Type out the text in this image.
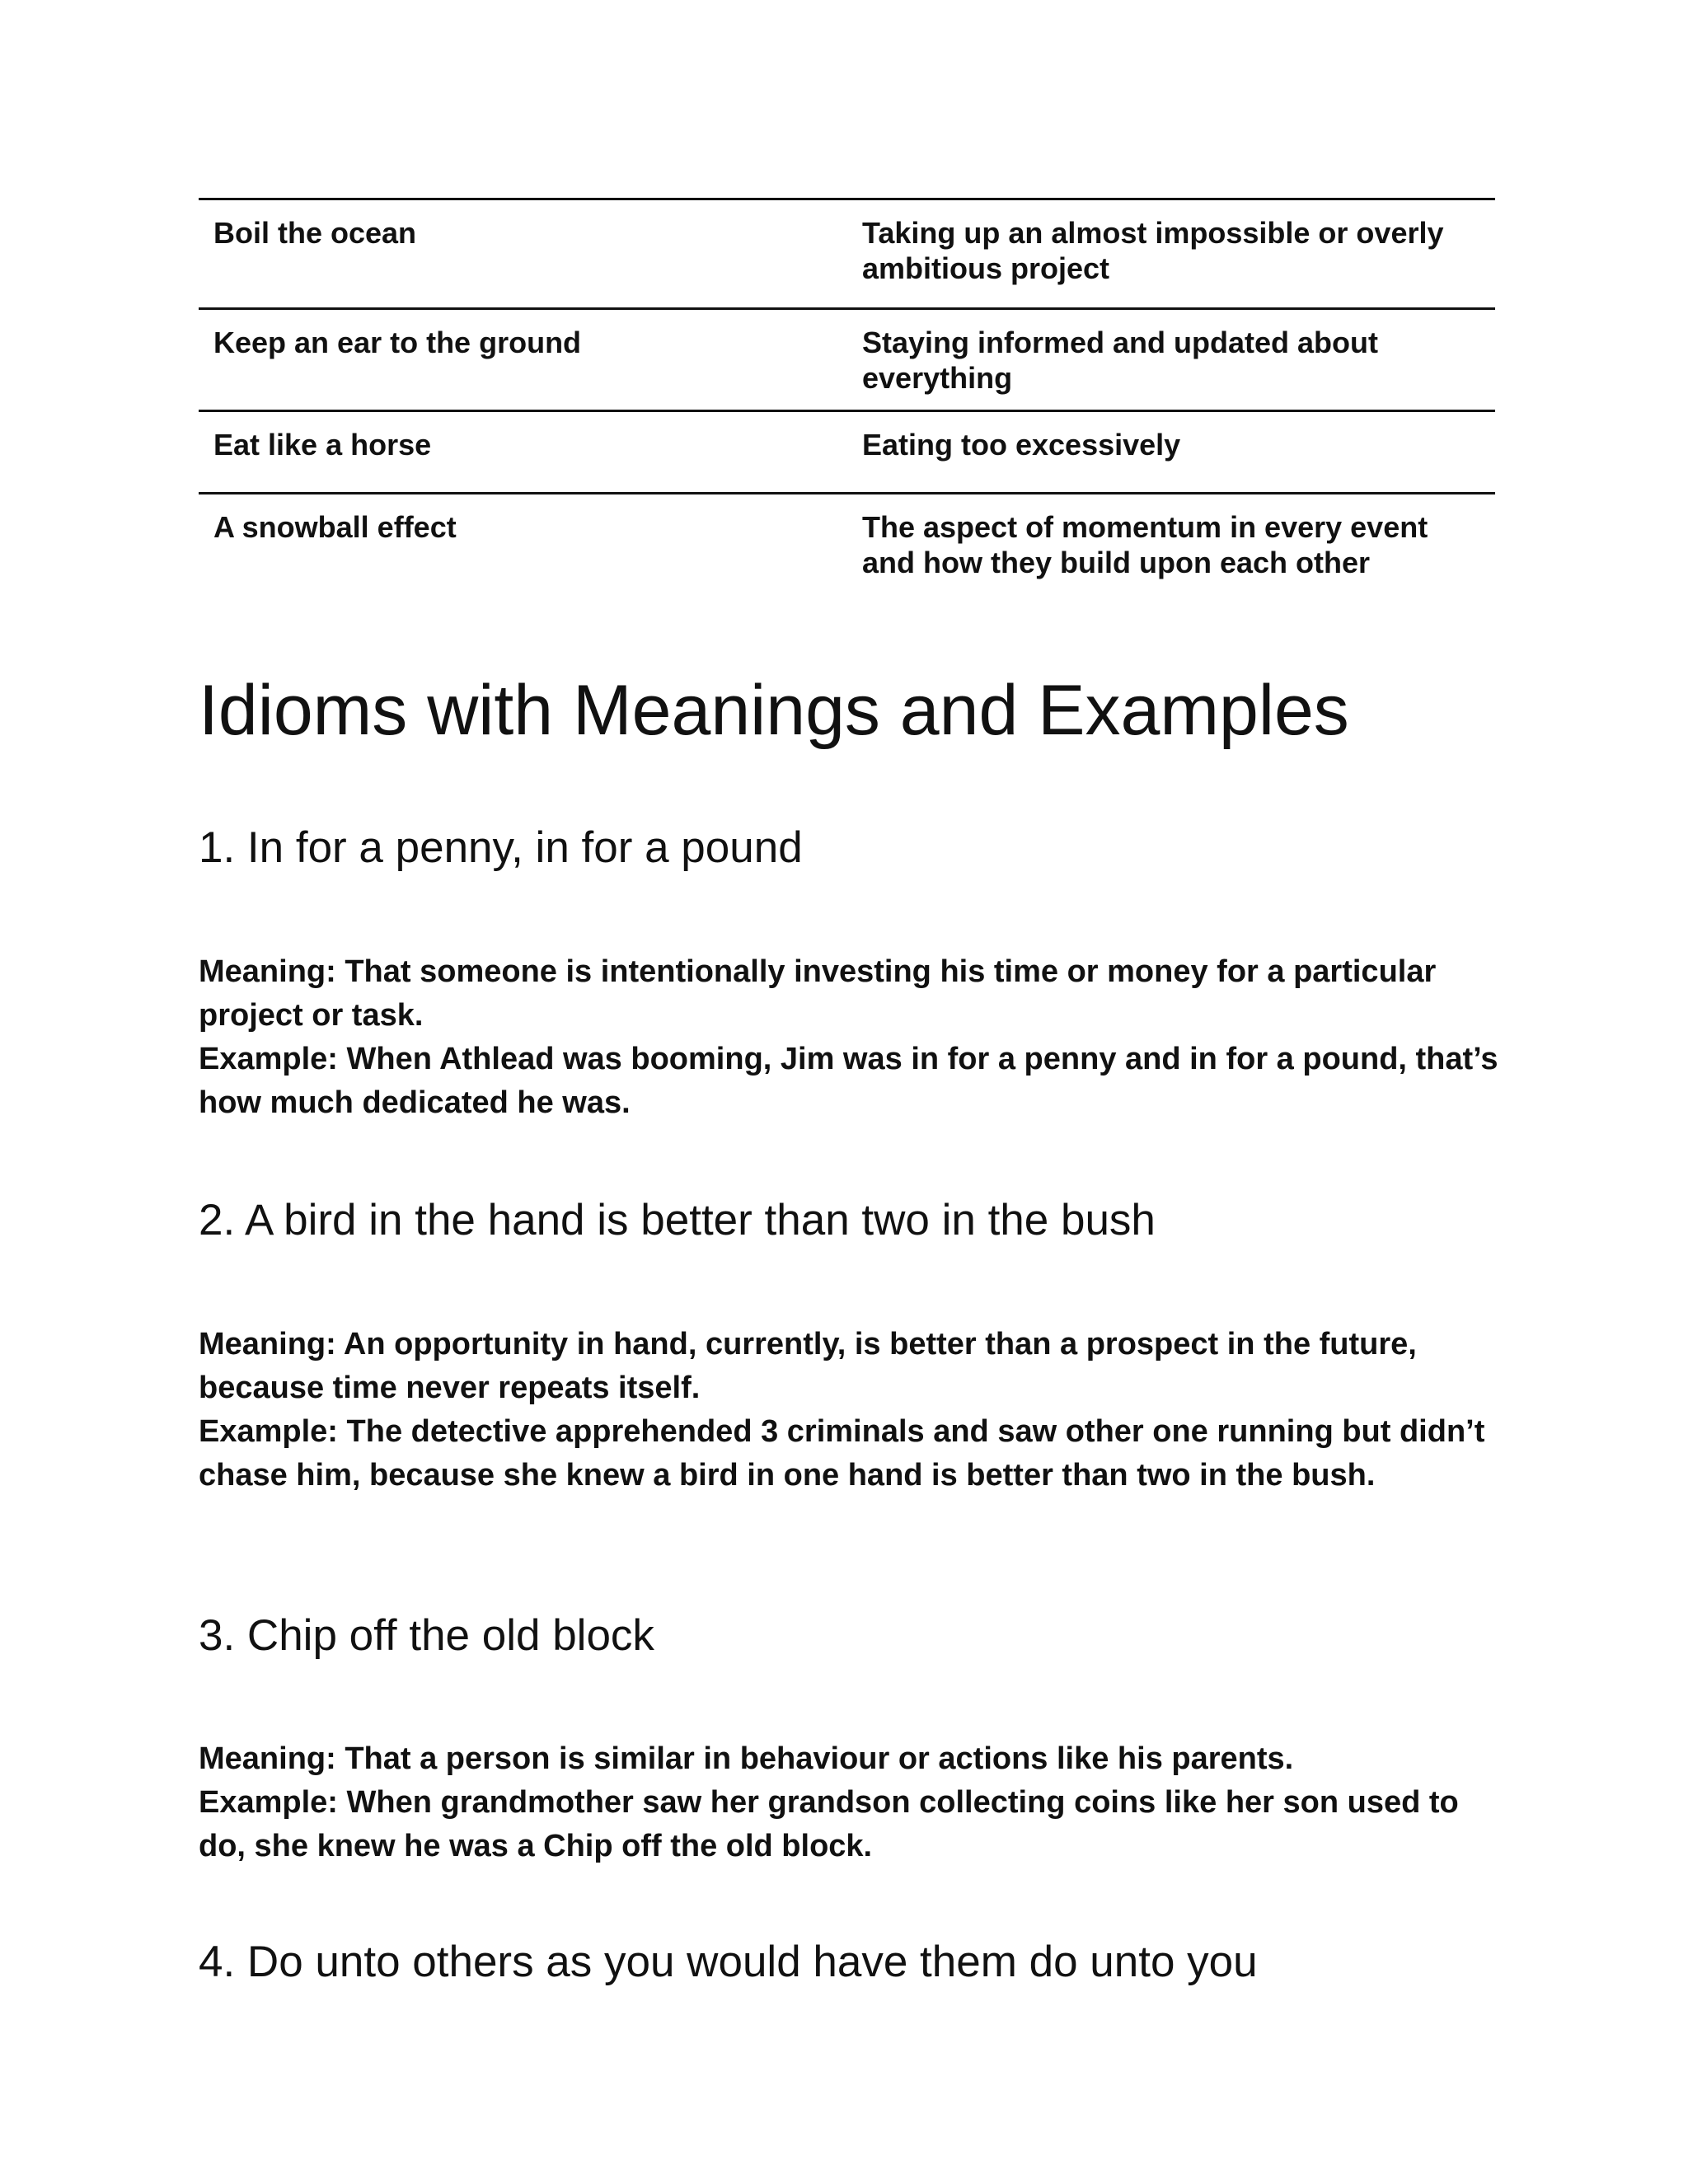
Boil the ocean	Taking up an almost impossible or overly ambitious project
Keep an ear to the ground	Staying informed and updated about everything
Eat like a horse	Eating too excessively
A snowball effect	The aspect of momentum in every event and how they build upon each other
Idioms with Meanings and Examples
1. In for a penny, in for a pound

Meaning: That someone is intentionally investing his time or money for a particular project or task.

Example: When Athlead was booming, Jim was in for a penny and in for a pound, that’s how much dedicated he was.

2. A bird in the hand is better than two in the bush

Meaning: An opportunity in hand, currently, is better than a prospect in the future, because time never repeats itself.

Example: The detective apprehended 3 criminals and saw other one running but didn’t chase him, because she knew a bird in one hand is better than two in the bush.

3. Chip off the old block

Meaning: That a person is similar in behaviour or actions like his parents.

Example: When grandmother saw her grandson collecting coins like her son used to do, she knew he was a Chip off the old block.

4. Do unto others as you would have them do unto you
